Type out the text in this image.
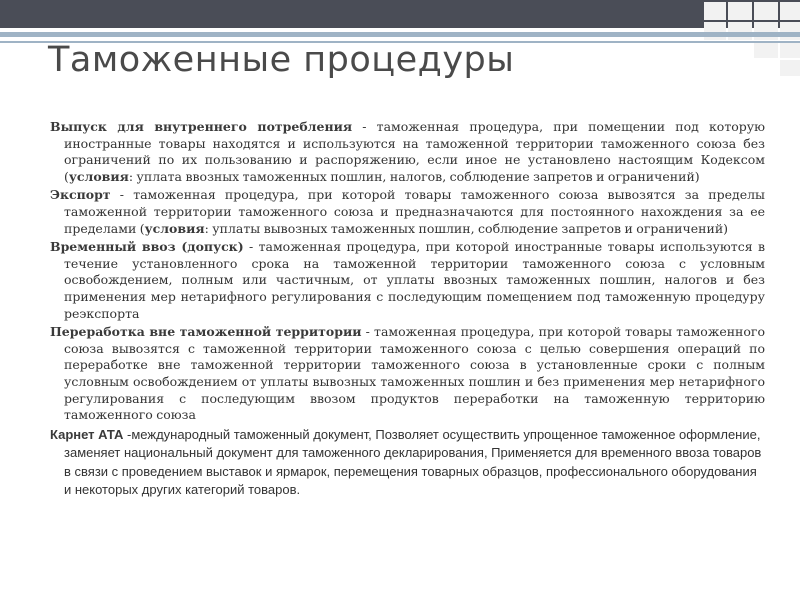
Таможенные процедуры

Выпуск для внутреннего потребления - таможенная процедура, при помещении под которую иностранные товары находятся и используются на таможенной территории таможенного союза без ограничений по их пользованию и распоряжению, если иное не установлено настоящим Кодексом (условия: уплата ввозных таможенных пошлин, налогов, соблюдение запретов и ограничений)

Экспорт - таможенная процедура, при которой товары таможенного союза вывозятся за пределы таможенной территории таможенного союза и предназначаются для постоянного нахождения за ее пределами (условия: уплаты вывозных таможенных пошлин, соблюдение запретов и ограничений)

Временный ввоз (допуск) - таможенная процедура, при которой иностранные товары используются в течение установленного срока на таможенной территории таможенного союза с условным освобождением, полным или частичным, от уплаты ввозных таможенных пошлин, налогов и без применения мер нетарифного регулирования с последующим помещением под таможенную процедуру реэкспорта

Переработка вне таможенной территории - таможенная процедура, при которой товары таможенного союза вывозятся с таможенной территории таможенного союза с целью совершения операций по переработке вне таможенной территории таможенного союза в установленные сроки с полным условным освобождением от уплаты вывозных таможенных пошлин и без применения мер нетарифного регулирования с последующим ввозом продуктов переработки на таможенную территорию таможенного союза

Карнет АТА -международный таможенный документ, Позволяет осуществить упрощенное таможенное оформление, заменяет национальный документ для таможенного декларирования, Применяется для временного ввоза товаров в связи с проведением выставок и ярмарок, перемещения товарных образцов, профессионального оборудования и некоторых других категорий товаров.
